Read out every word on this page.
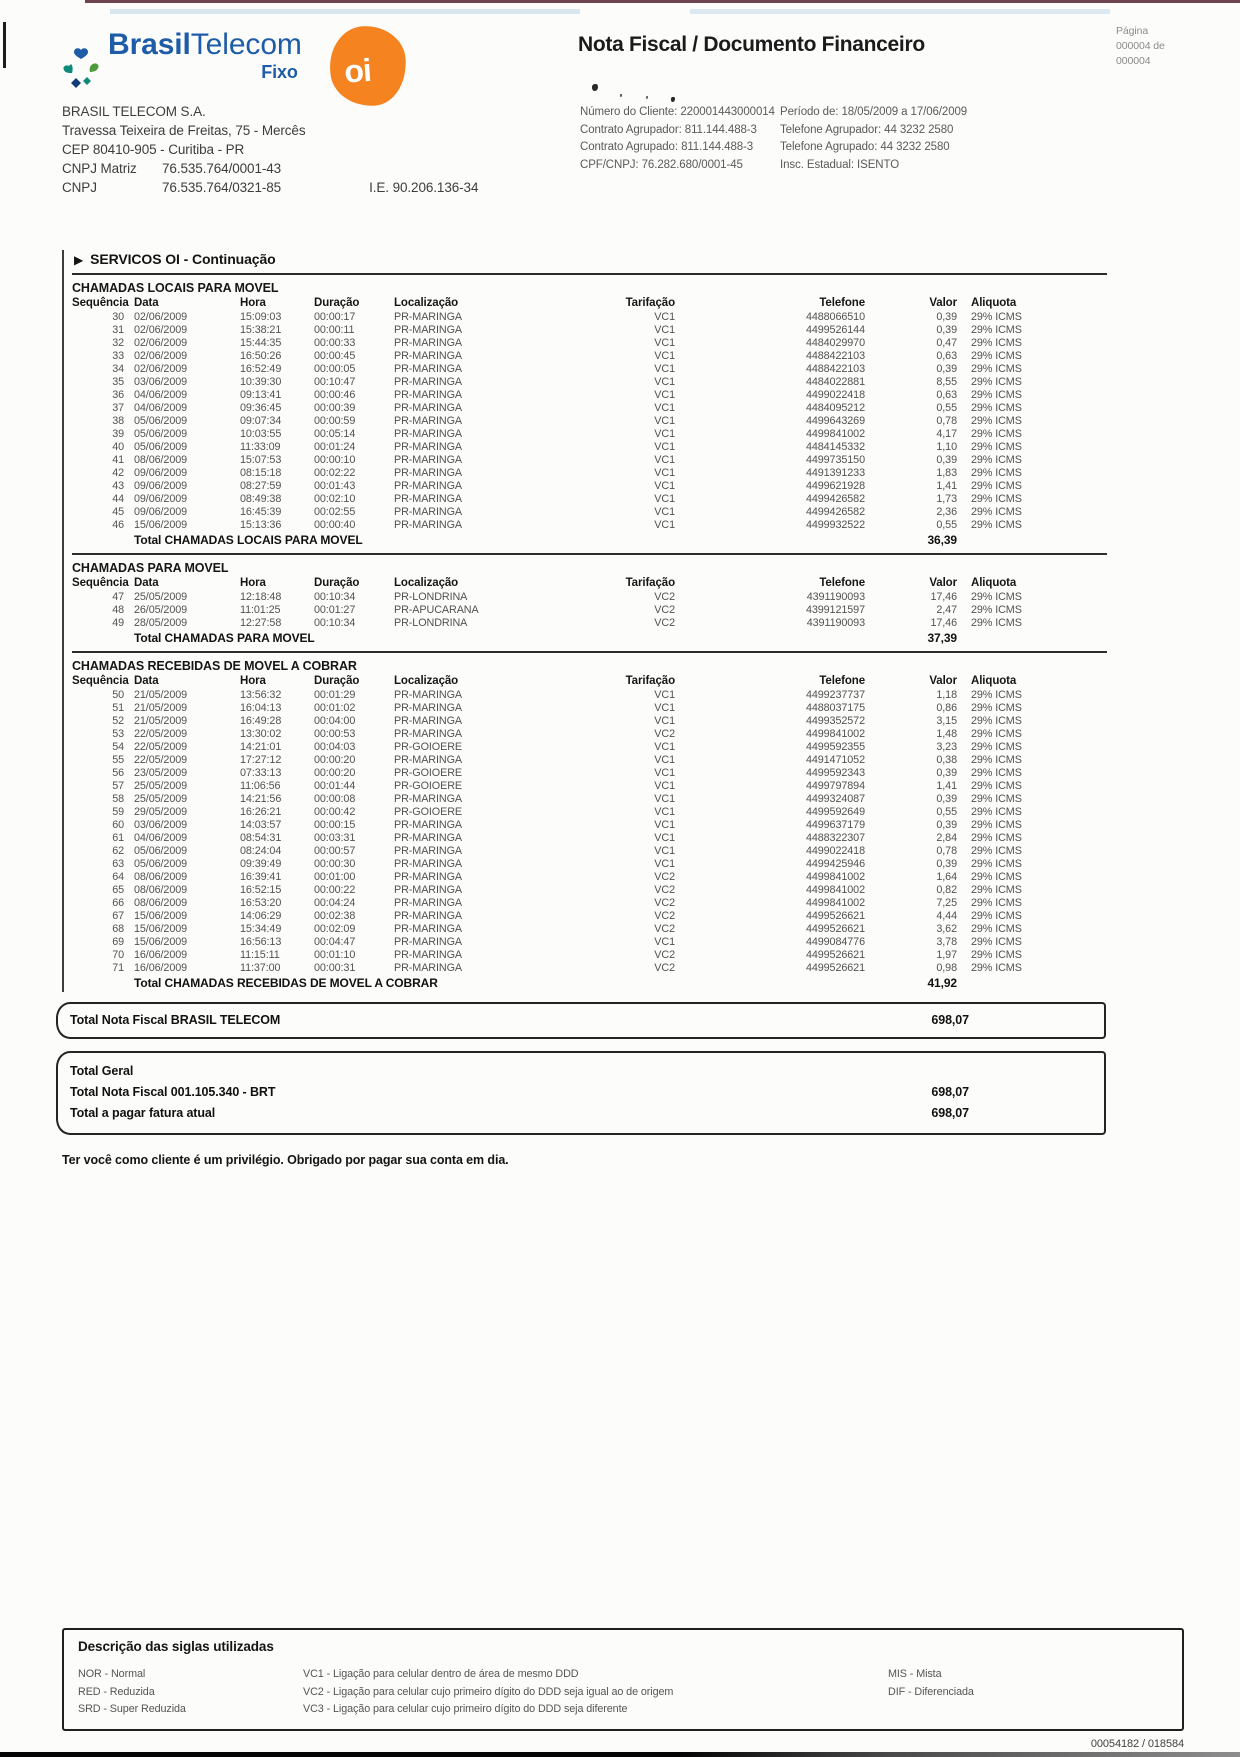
BrasilTelecom
Fixo oi
Nota Fiscal / Documento Financeiro
Página
000004 de
000004
BRASIL TELECOM S.A.
Travessa Teixeira de Freitas, 75 - Mercês
CEP 80410-905 - Curitiba - PR
CNPJ Matriz	76.535.764/0001-43
CNPJ	76.535.764/0321-85	I.E. 90.206.136-34
Número do Cliente: 220001443000014
Contrato Agrupador: 811.144.488-3
Contrato Agrupado: 811.144.488-3
CPF/CNPJ: 76.282.680/0001-45
Período de: 18/05/2009 a 17/06/2009
Telefone Agrupador: 44 3232 2580
Telefone Agrupado: 44 3232 2580
Insc. Estadual: ISENTO
▶ SERVICOS OI - Continuação
CHAMADAS LOCAIS PARA MOVEL
Sequência Data	Hora	Duração	Localização	Tarifação	Telefone	Valor	Aliquota
30 02/06/2009	15:09:03	00:00:17	PR-MARINGA	VC1	4488066510	0,39	29% ICMS
31 02/06/2009	15:38:21	00:00:11	PR-MARINGA	VC1	4499526144	0,39	29% ICMS
32 02/06/2009	15:44:35	00:00:33	PR-MARINGA	VC1	4484029970	0,47	29% ICMS
33 02/06/2009	16:50:26	00:00:45	PR-MARINGA	VC1	4488422103	0,63	29% ICMS
34 02/06/2009	16:52:49	00:00:05	PR-MARINGA	VC1	4488422103	0,39	29% ICMS
35 03/06/2009	10:39:30	00:10:47	PR-MARINGA	VC1	4484022881	8,55	29% ICMS
36 04/06/2009	09:13:41	00:00:46	PR-MARINGA	VC1	4499022418	0,63	29% ICMS
37 04/06/2009	09:36:45	00:00:39	PR-MARINGA	VC1	4484095212	0,55	29% ICMS
38 05/06/2009	09:07:34	00:00:59	PR-MARINGA	VC1	4499643269	0,78	29% ICMS
39 05/06/2009	10:03:55	00:05:14	PR-MARINGA	VC1	4499841002	4,17	29% ICMS
40 05/06/2009	11:33:09	00:01:24	PR-MARINGA	VC1	4484145332	1,10	29% ICMS
41 08/06/2009	15:07:53	00:00:10	PR-MARINGA	VC1	4499735150	0,39	29% ICMS
42 09/06/2009	08:15:18	00:02:22	PR-MARINGA	VC1	4491391233	1,83	29% ICMS
43 09/06/2009	08:27:59	00:01:43	PR-MARINGA	VC1	4499621928	1,41	29% ICMS
44 09/06/2009	08:49:38	00:02:10	PR-MARINGA	VC1	4499426582	1,73	29% ICMS
45 09/06/2009	16:45:39	00:02:55	PR-MARINGA	VC1	4499426582	2,36	29% ICMS
46 15/06/2009	15:13:36	00:00:40	PR-MARINGA	VC1	4499932522	0,55	29% ICMS
Total CHAMADAS LOCAIS PARA MOVEL	36,39
CHAMADAS PARA MOVEL
Sequência Data	Hora	Duração	Localização	Tarifação	Telefone	Valor	Aliquota
47 25/05/2009	12:18:48	00:10:34	PR-LONDRINA	VC2	4391190093	17,46	29% ICMS
48 26/05/2009	11:01:25	00:01:27	PR-APUCARANA	VC2	4399121597	2,47	29% ICMS
49 28/05/2009	12:27:58	00:10:34	PR-LONDRINA	VC2	4391190093	17,46	29% ICMS
Total CHAMADAS PARA MOVEL	37,39
CHAMADAS RECEBIDAS DE MOVEL A COBRAR
Sequência Data	Hora	Duração	Localização	Tarifação	Telefone	Valor	Aliquota
50 21/05/2009	13:56:32	00:01:29	PR-MARINGA	VC1	4499237737	1,18	29% ICMS
51 21/05/2009	16:04:13	00:01:02	PR-MARINGA	VC1	4488037175	0,86	29% ICMS
52 21/05/2009	16:49:28	00:04:00	PR-MARINGA	VC1	4499352572	3,15	29% ICMS
53 22/05/2009	13:30:02	00:00:53	PR-MARINGA	VC2	4499841002	1,48	29% ICMS
54 22/05/2009	14:21:01	00:04:03	PR-GOIOERE	VC1	4499592355	3,23	29% ICMS
55 22/05/2009	17:27:12	00:00:20	PR-MARINGA	VC1	4491471052	0,38	29% ICMS
56 23/05/2009	07:33:13	00:00:20	PR-GOIOERE	VC1	4499592343	0,39	29% ICMS
57 25/05/2009	11:06:56	00:01:44	PR-GOIOERE	VC1	4499797894	1,41	29% ICMS
58 25/05/2009	14:21:56	00:00:08	PR-MARINGA	VC1	4499324087	0,39	29% ICMS
59 29/05/2009	16:26:21	00:00:42	PR-GOIOERE	VC1	4499592649	0,55	29% ICMS
60 03/06/2009	14:03:57	00:00:15	PR-MARINGA	VC1	4499637179	0,39	29% ICMS
61 04/06/2009	08:54:31	00:03:31	PR-MARINGA	VC1	4488322307	2,84	29% ICMS
62 05/06/2009	08:24:04	00:00:57	PR-MARINGA	VC1	4499022418	0,78	29% ICMS
63 05/06/2009	09:39:49	00:00:30	PR-MARINGA	VC1	4499425946	0,39	29% ICMS
64 08/06/2009	16:39:41	00:01:00	PR-MARINGA	VC2	4499841002	1,64	29% ICMS
65 08/06/2009	16:52:15	00:00:22	PR-MARINGA	VC2	4499841002	0,82	29% ICMS
66 08/06/2009	16:53:20	00:04:24	PR-MARINGA	VC2	4499841002	7,25	29% ICMS
67 15/06/2009	14:06:29	00:02:38	PR-MARINGA	VC2	4499526621	4,44	29% ICMS
68 15/06/2009	15:34:49	00:02:09	PR-MARINGA	VC2	4499526621	3,62	29% ICMS
69 15/06/2009	16:56:13	00:04:47	PR-MARINGA	VC1	4499084776	3,78	29% ICMS
70 16/06/2009	11:15:11	00:01:10	PR-MARINGA	VC2	4499526621	1,97	29% ICMS
71 16/06/2009	11:37:00	00:00:31	PR-MARINGA	VC2	4499526621	0,98	29% ICMS
Total CHAMADAS RECEBIDAS DE MOVEL A COBRAR	41,92
Total Nota Fiscal BRASIL TELECOM	698,07
Total Geral
Total Nota Fiscal 001.105.340 - BRT	698,07
Total a pagar fatura atual	698,07
Ter você como cliente é um privilégio. Obrigado por pagar sua conta em dia.
Descrição das siglas utilizadas
NOR - Normal
RED - Reduzida
SRD - Super Reduzida
VC1 - Ligação para celular dentro de área de mesmo DDD
VC2 - Ligação para celular cujo primeiro dígito do DDD seja igual ao de origem
VC3 - Ligação para celular cujo primeiro dígito do DDD seja diferente
MIS - Mista
DIF - Diferenciada
00054182 / 018584
